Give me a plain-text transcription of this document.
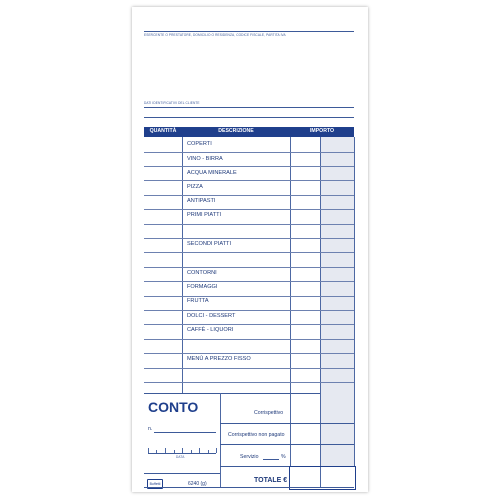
ESERCENTE O PRESTATORE, DOMICILIO O RESIDENZA, CODICE FISCALE, PARTITA IVA
DATI IDENTIFICATIVI DEL CLIENTE
QUANTITÀ	DESCRIZIONE	IMPORTO
COPERTI
VINO - BIRRA
ACQUA MINERALE
PIZZA
ANTIPASTI
PRIMI PIATTI
SECONDI PIATTI
CONTORNI
FORMAGGI
FRUTTA
DOLCI - DESSERT
CAFFÈ - LIQUORI
MENÙ A PREZZO FISSO
CONTO
n.
DATA
Buffetti	6240 (g)
Corrispettivo
Corrispettivo non pagato
Servizio	%
TOTALE €
